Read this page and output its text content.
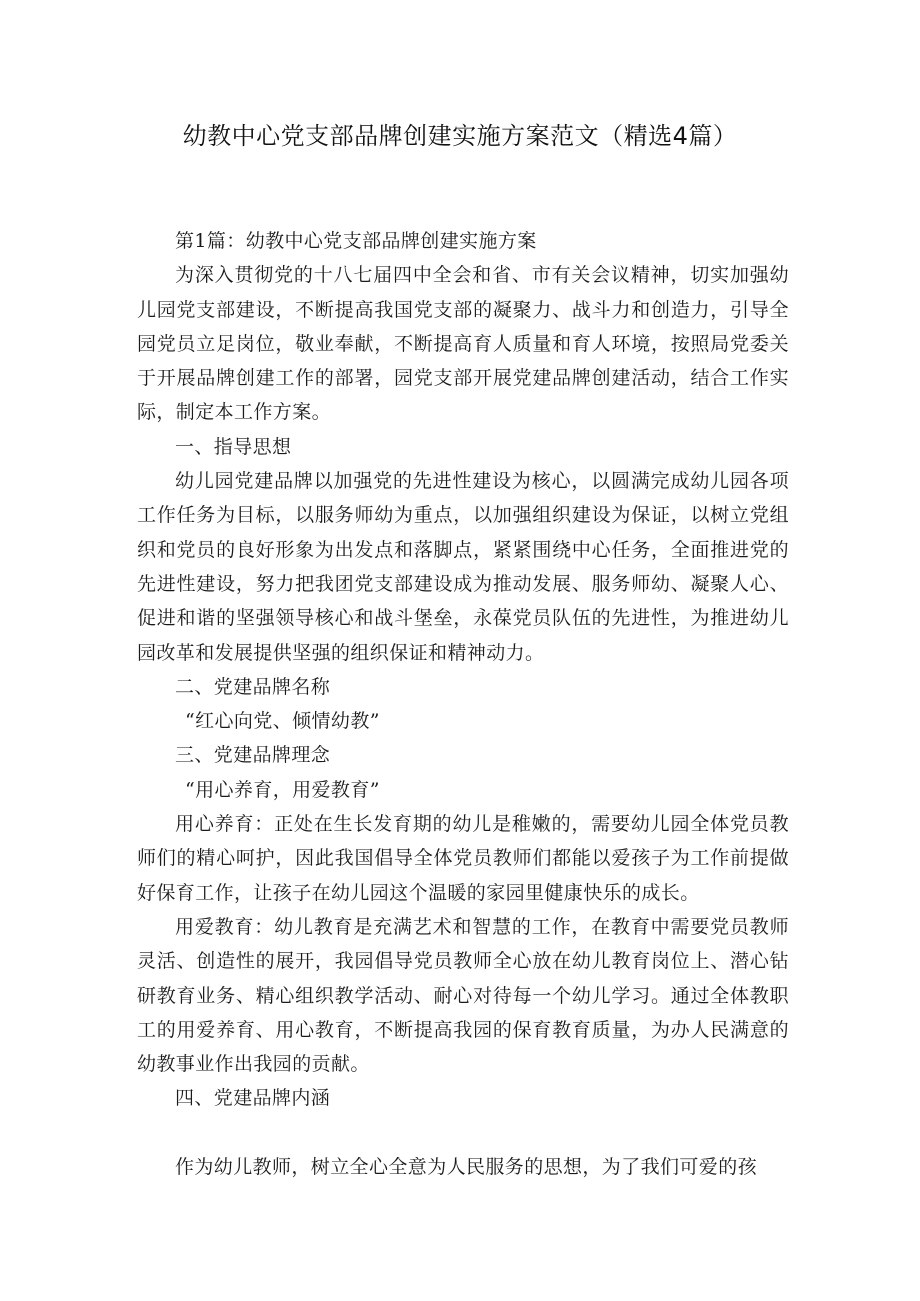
幼教中心党支部品牌创建实施方案范文（精选4篇）

第1篇：幼教中心党支部品牌创建实施方案

为深入贯彻党的十八七届四中全会和省、市有关会议精神，切实加强幼儿园党支部建设，不断提高我国党支部的凝聚力、战斗力和创造力，引导全园党员立足岗位，敬业奉献，不断提高育人质量和育人环境，按照局党委关于开展品牌创建工作的部署，园党支部开展党建品牌创建活动，结合工作实际，制定本工作方案。

一、指导思想

幼儿园党建品牌以加强党的先进性建设为核心，以圆满完成幼儿园各项工作任务为目标，以服务师幼为重点，以加强组织建设为保证，以树立党组织和党员的良好形象为出发点和落脚点，紧紧围绕中心任务，全面推进党的先进性建设，努力把我团党支部建设成为推动发展、服务师幼、凝聚人心、促进和谐的坚强领导核心和战斗堡垒，永葆党员队伍的先进性，为推进幼儿园改革和发展提供坚强的组织保证和精神动力。

二、党建品牌名称

“红心向党、倾情幼教”

三、党建品牌理念

“用心养育，用爱教育”

用心养育：正处在生长发育期的幼儿是稚嫩的，需要幼儿园全体党员教师们的精心呵护，因此我国倡导全体党员教师们都能以爱孩子为工作前提做好保育工作，让孩子在幼儿园这个温暖的家园里健康快乐的成长。

用爱教育：幼儿教育是充满艺术和智慧的工作，在教育中需要党员教师灵活、创造性的展开，我园倡导党员教师全心放在幼儿教育岗位上、潜心钻研教育业务、精心组织教学活动、耐心对待每一个幼儿学习。通过全体教职工的用爱养育、用心教育，不断提高我园的保育教育质量，为办人民满意的幼教事业作出我园的贡献。

四、党建品牌内涵

作为幼儿教师，树立全心全意为人民服务的思想，为了我们可爱的孩
